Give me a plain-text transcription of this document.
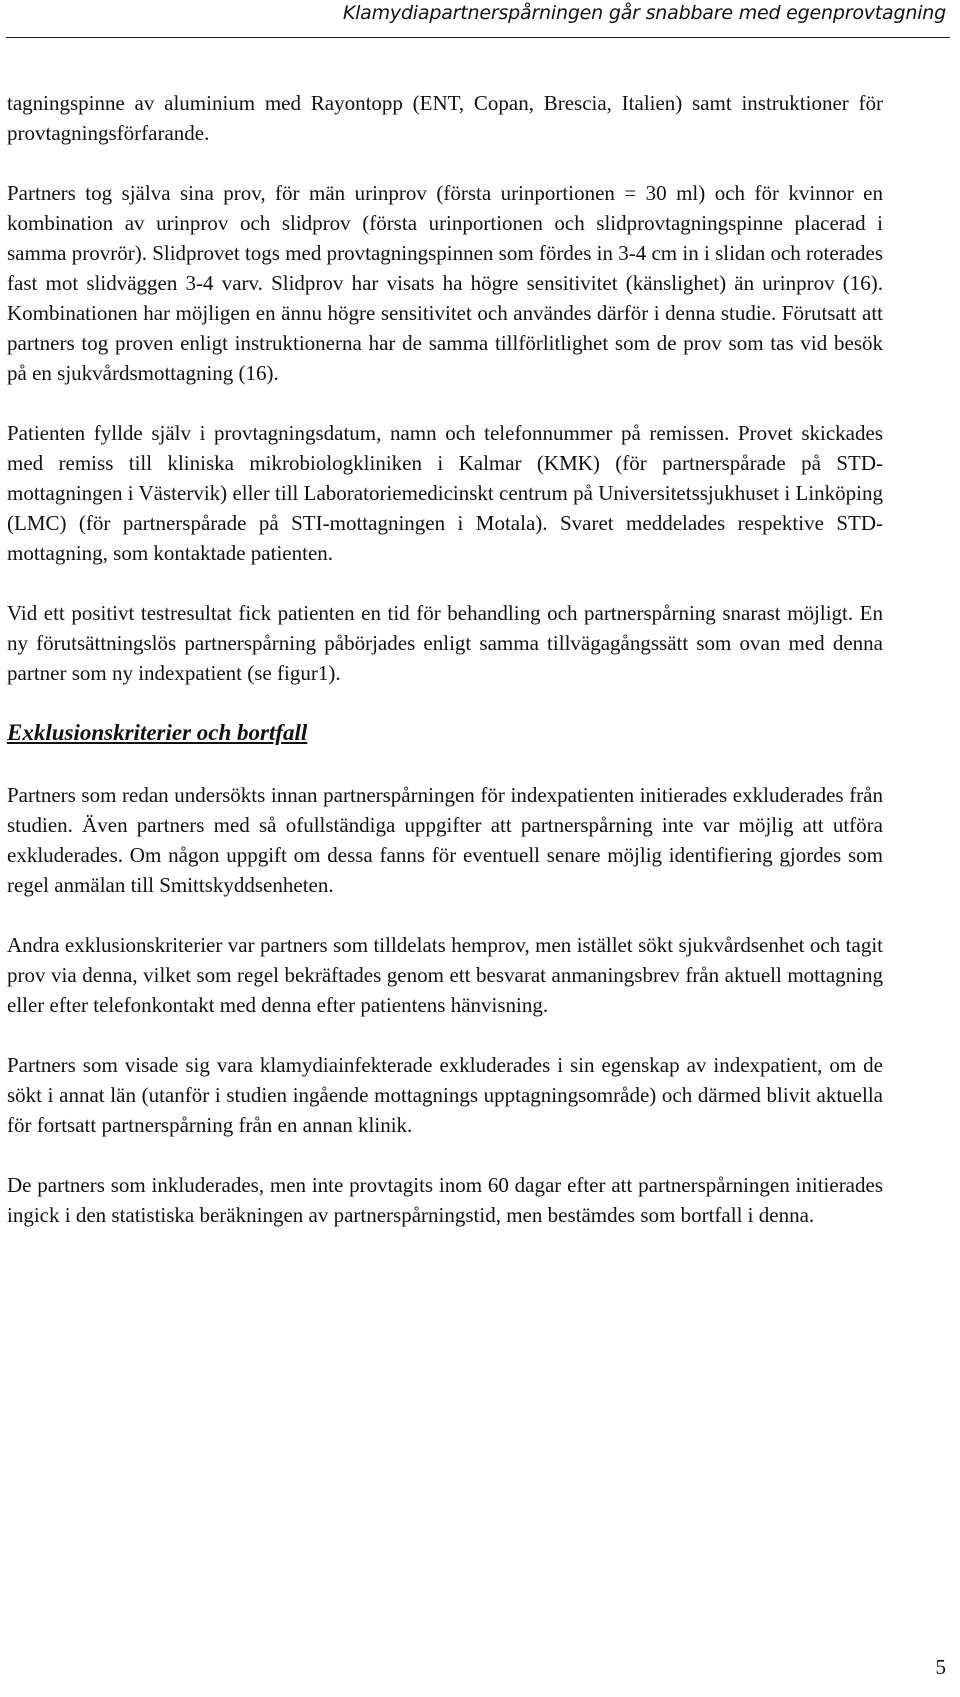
Klamydiapartnerspårningen går snabbare med egenprovtagning

tagningspinne av aluminium med Rayontopp (ENT, Copan, Brescia, Italien) samt instruktioner för provtagningsförfarande.

Partners tog själva sina prov, för män urinprov (första urinportionen = 30 ml) och för kvinnor en kombination av urinprov och slidprov (första urinportionen och slidprovtagningspinne placerad i samma provrör). Slidprovet togs med provtagningspinnen som fördes in 3-4 cm in i slidan och roterades fast mot slidväggen 3-4 varv. Slidprov har visats ha högre sensitivitet (känslighet) än urinprov (16). Kombinationen har möjligen en ännu högre sensitivitet och användes därför i denna studie. Förutsatt att partners tog proven enligt instruktionerna har de samma tillförlitlighet som de prov som tas vid besök på en sjukvårdsmottagning (16).

Patienten fyllde själv i provtagningsdatum, namn och telefonnummer på remissen. Provet skickades med remiss till kliniska mikrobiologkliniken i Kalmar (KMK) (för partnerspårade på STD-mottagningen i Västervik) eller till Laboratoriemedicinskt centrum på Universitetssjukhuset i Linköping (LMC) (för partnerspårade på STI-mottagningen i Motala). Svaret meddelades respektive STD-mottagning, som kontaktade patienten.

Vid ett positivt testresultat fick patienten en tid för behandling och partnerspårning snarast möjligt. En ny förutsättningslös partnerspårning påbörjades enligt samma tillvägagångssätt som ovan med denna partner som ny indexpatient (se figur1).

Exklusionskriterier och bortfall

Partners som redan undersökts innan partnerspårningen för indexpatienten initierades exkluderades från studien. Även partners med så ofullständiga uppgifter att partnerspårning inte var möjlig att utföra exkluderades. Om någon uppgift om dessa fanns för eventuell senare möjlig identifiering gjordes som regel anmälan till Smittskyddsenheten.

Andra exklusionskriterier var partners som tilldelats hemprov, men istället sökt sjukvårdsenhet och tagit prov via denna, vilket som regel bekräftades genom ett besvarat anmaningsbrev från aktuell mottagning eller efter telefonkontakt med denna efter patientens hänvisning.

Partners som visade sig vara klamydiainfekterade exkluderades i sin egenskap av indexpatient, om de sökt i annat län (utanför i studien ingående mottagnings upptagningsområde) och därmed blivit aktuella för fortsatt partnerspårning från en annan klinik.

De partners som inkluderades, men inte provtagits inom 60 dagar efter att partnerspårningen initierades ingick i den statistiska beräkningen av partnerspårningstid, men bestämdes som bortfall i denna.

5
